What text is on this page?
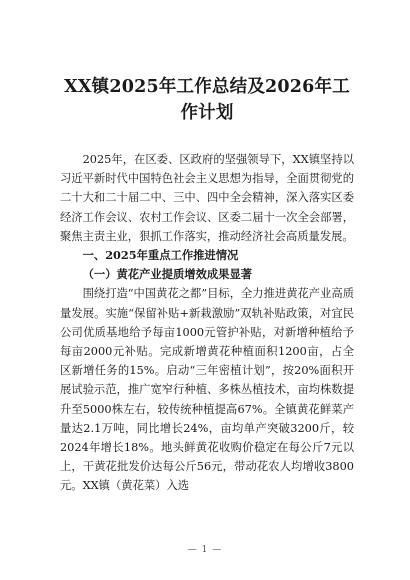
XX镇2025年工作总结及2026年工作计划

2025年，在区委、区政府的坚强领导下，XX镇坚持以习近平新时代中国特色社会主义思想为指导，全面贯彻党的二十大和二十届二中、三中、四中全会精神，深入落实区委经济工作会议、农村工作会议、区委二届十一次全会部署，聚焦主责主业，狠抓工作落实，推动经济社会高质量发展。

一、2025年重点工作推进情况

（一）黄花产业提质增效成果显著

围绕打造“中国黄花之都”目标，全力推进黄花产业高质量发展。实施“保留补贴+新栽激励”双轨补贴政策，对宜民公司优质基地给予每亩1000元管护补贴，对新增种植给予每亩2000元补贴。完成新增黄花种植面积1200亩，占全区新增任务的15%。启动“三年密植计划”，按20%面积开展试验示范，推广宽窄行种植、多株丛植技术，亩均株数提升至5000株左右，较传统种植提高67%。全镇黄花鲜菜产量达2.1万吨，同比增长24%，亩均单产突破3200斤，较2024年增长18%。地头鲜黄花收购价稳定在每公斤7元以上，干黄花批发价达每公斤56元，带动花农人均增收3800元。XX镇（黄花菜）入选

— 1 —
